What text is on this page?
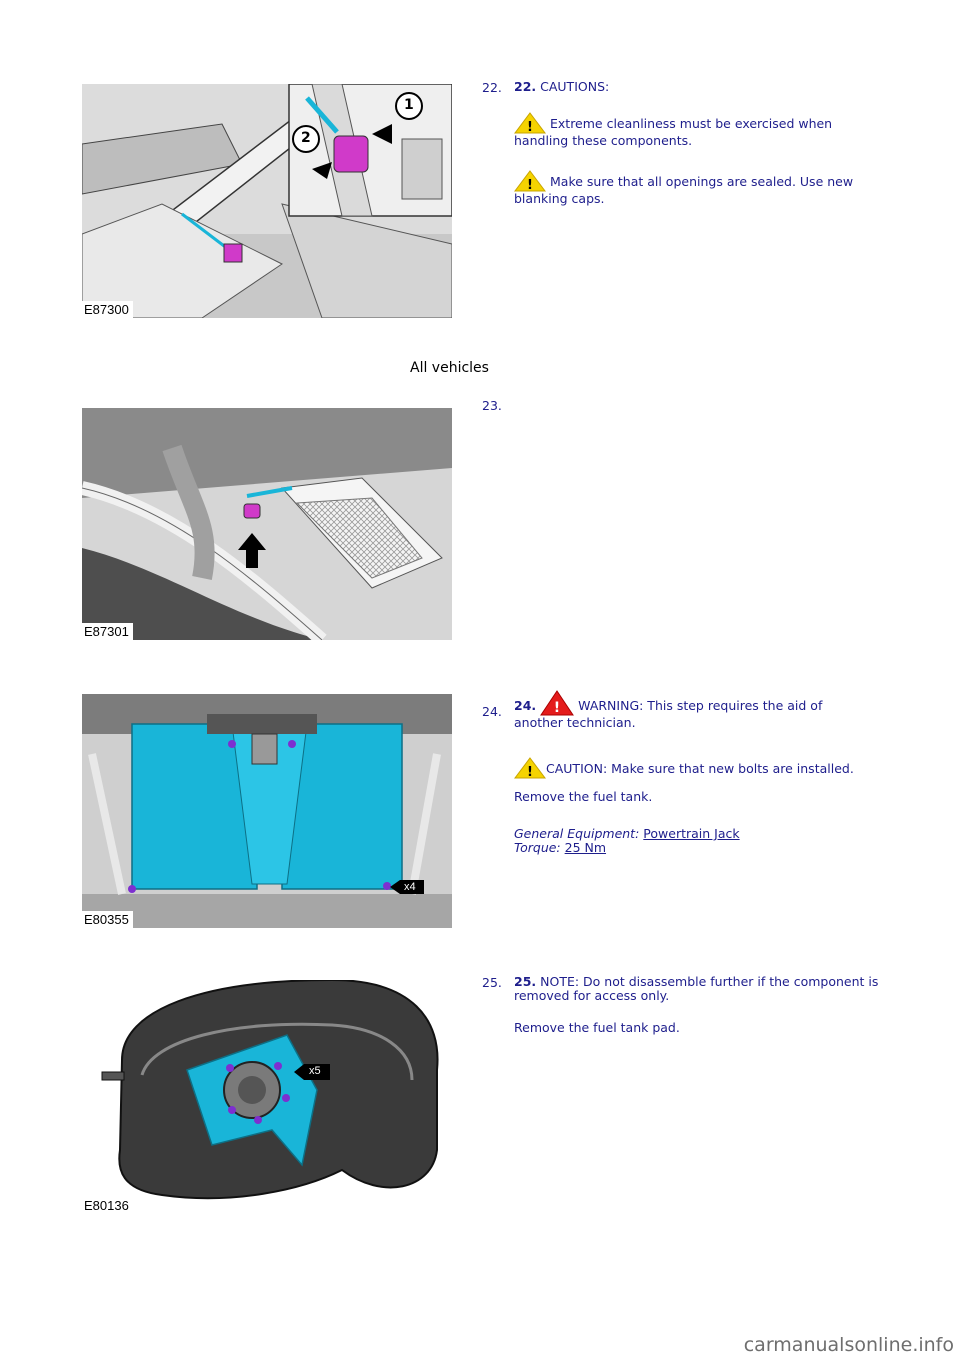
1
2
E87300
22. 22. CAUTIONS:
! Extreme cleanliness must be exercised when handling these components.
! Make sure that all openings are sealed. Use new blanking caps.
All vehicles
E87301
23.
x4
E80355
24. 24. ! WARNING: This step requires the aid of another technician.
! CAUTION: Make sure that new bolts are installed.
Remove the fuel tank.
General Equipment: Powertrain Jack
Torque: 25 Nm
x5
E80136
25. 25. NOTE: Do not disassemble further if the component is removed for access only.
Remove the fuel tank pad.
carmanualsonline.info
